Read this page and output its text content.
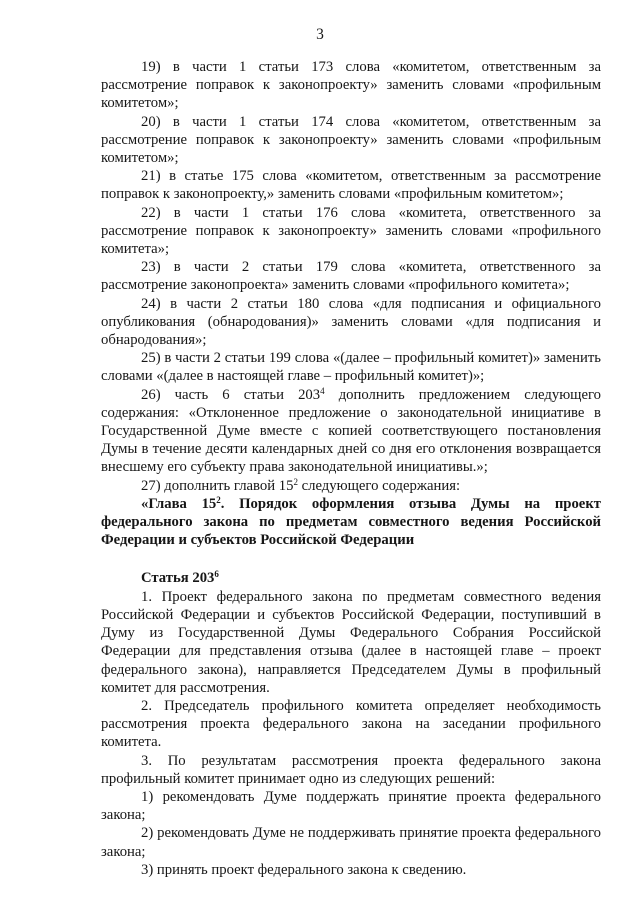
3

19) в части 1 статьи 173 слова «комитетом, ответственным за рассмотрение поправок к законопроекту» заменить словами «профильным комитетом»;

20) в части 1 статьи 174 слова «комитетом, ответственным за рассмотрение поправок к законопроекту» заменить словами «профильным комитетом»;

21) в статье 175 слова «комитетом, ответственным за рассмотрение поправок к законопроекту,» заменить словами «профильным комитетом»;

22) в части 1 статьи 176 слова «комитета, ответственного за рассмотрение поправок к законопроекту» заменить словами «профильного комитета»;

23) в части 2 статьи 179 слова «комитета, ответственного за рассмотрение законопроекта» заменить словами «профильного комитета»;

24) в части 2 статьи 180 слова «для подписания и официального опубликования (обнародования)» заменить словами «для подписания и обнародования»;

25) в части 2 статьи 199 слова «(далее – профильный комитет)» заменить словами «(далее в настоящей главе – профильный комитет)»;

26) часть 6 статьи $203^4$ дополнить предложением следующего содержания: «Отклоненное предложение о законодательной инициативе в Государственной Думе вместе с копией соответствующего постановления Думы в течение десяти календарных дней со дня его отклонения возвращается внесшему его субъекту права законодательной инициативы.»;

27) дополнить главой $15^2$ следующего содержания:

«Глава $15^2$. Порядок оформления отзыва Думы на проект федерального закона по предметам совместного ведения Российской Федерации и субъектов Российской Федерации

Статья $203^6$

1. Проект федерального закона по предметам совместного ведения Российской Федерации и субъектов Российской Федерации, поступивший в Думу из Государственной Думы Федерального Собрания Российской Федерации для представления отзыва (далее в настоящей главе – проект федерального закона), направляется Председателем Думы в профильный комитет для рассмотрения.

2. Председатель профильного комитета определяет необходимость рассмотрения проекта федерального закона на заседании профильного комитета.

3. По результатам рассмотрения проекта федерального закона профильный комитет принимает одно из следующих решений:

1) рекомендовать Думе поддержать принятие проекта федерального закона;

2) рекомендовать Думе не поддерживать принятие проекта федерального закона;

3) принять проект федерального закона к сведению.
